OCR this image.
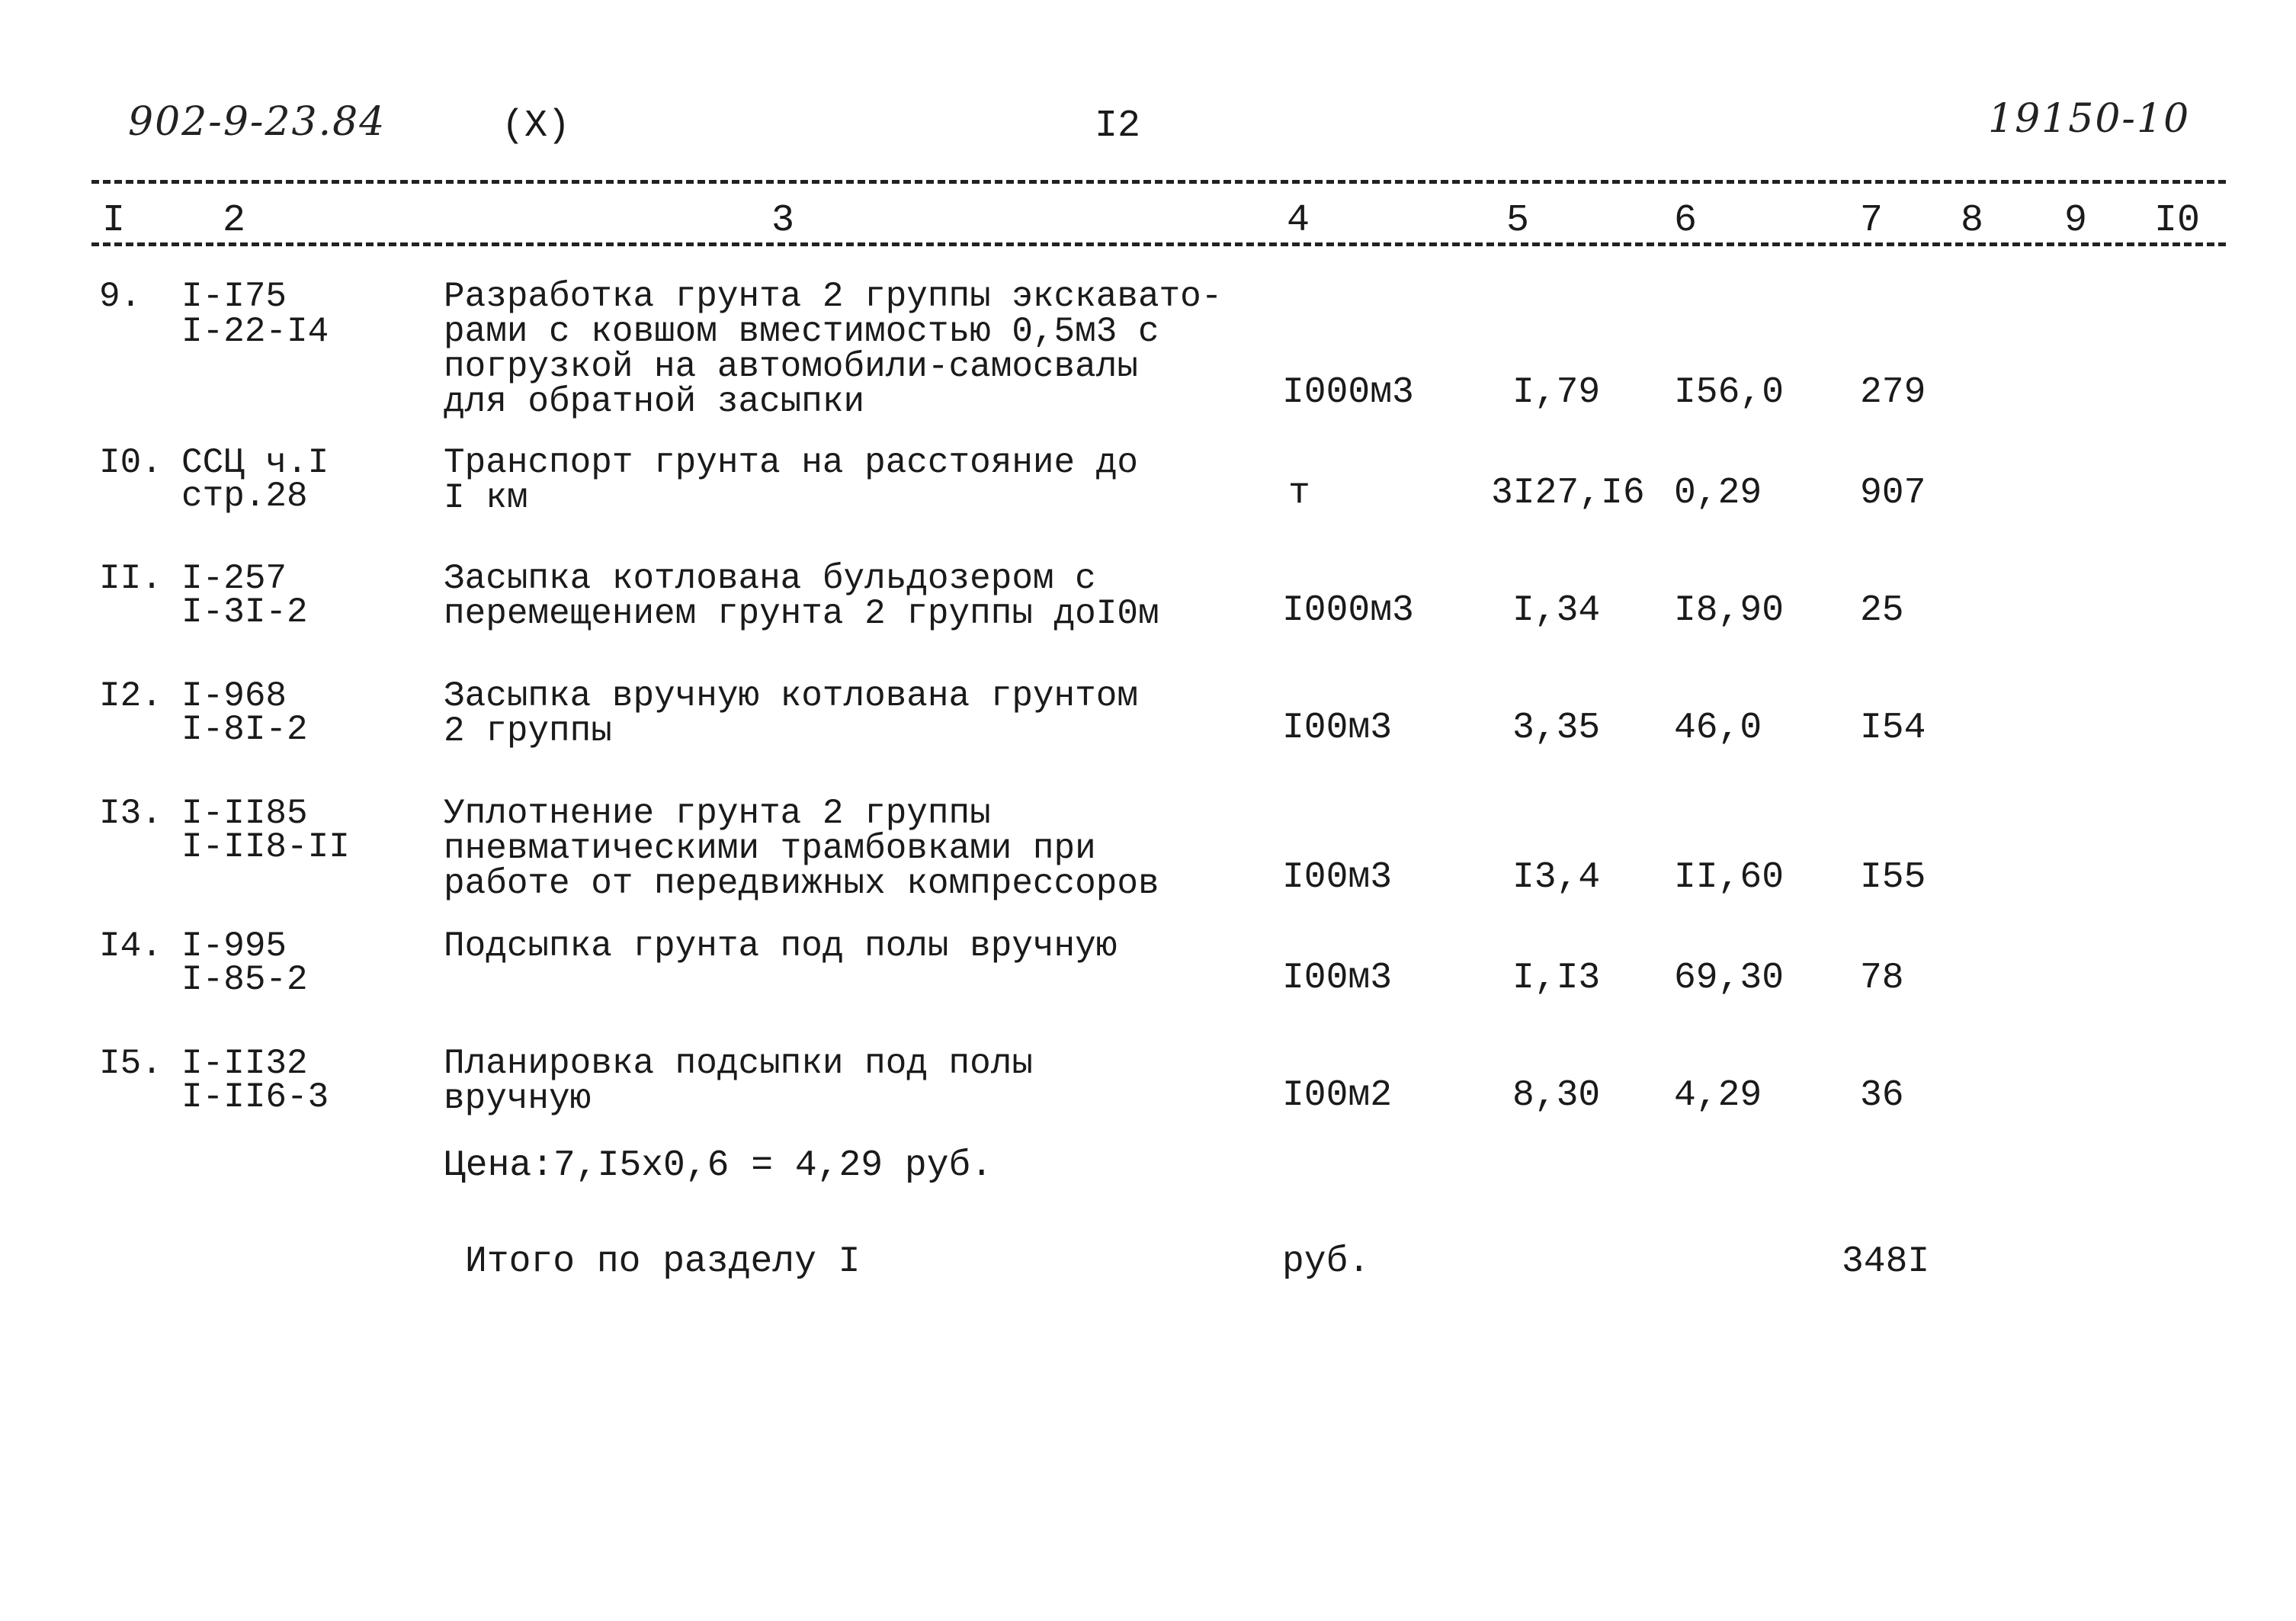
902-9-23.84	(X)	I2	19150-10
I	2	3	4	5	6	7 8 9 I0
9. I-I75
I-22-I4
Разработка грунта 2 группы экскавато-
рами с ковшом вместимостью 0,5м3 с
погрузкой на автомобили-самосвалы
для обратной засыпки	I000м3	I,79 I56,0 279
I0. ССЦ ч.I
стр.28
Транспорт грунта на расстояние до
I км	т	3I27,I6 0,29	907
II. I-257
I-3I-2
Засыпка котлована бульдозером с
перемещением грунта 2 группы доI0м	I000м3	I,34 I8,90 25
I2. I-968
I-8I-2
Засыпка вручную котлована грунтом
2 группы	I00м3	3,35 46,0	I54
I3. I-II85
I-II8-II
Уплотнение грунта 2 группы
пневматическими трамбовками при
работе от передвижных компрессоров	I00м3	I3,4 II,60 I55
I4. I-995
I-85-2
Подсыпка грунта под полы вручную
I00м3	I,I3 69,30 78
I5. I-II32
I-II6-3
Планировка подсыпки под полы
вручную	I00м2	8,30 4,29	36
Цена:7,I5х0,6 = 4,29 руб.
Итого по разделу I	руб.	348I
